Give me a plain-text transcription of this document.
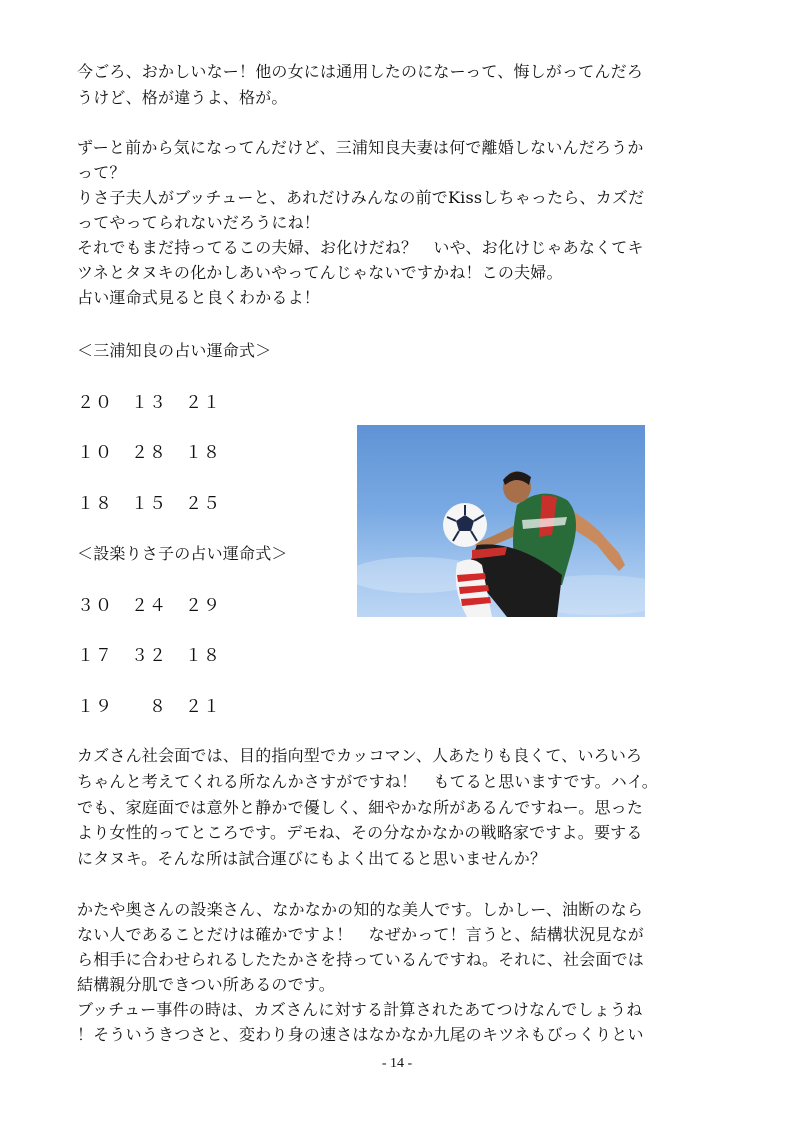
今ごろ、おかしいなー！他の女には通用したのになーって、悔しがってんだろ
うけど、格が違うよ、格が。
ずーと前から気になってんだけど、三浦知良夫妻は何で離婚しないんだろうか
って？
りさ子夫人がブッチューと、あれだけみんなの前でKissしちゃったら、カズだ
ってやってられないだろうにね！
それでもまだ持ってるこの夫婦、お化けだね？　いや、お化けじゃあなくてキ
ツネとタヌキの化かしあいやってんじゃないですかね！この夫婦。
占い運命式見ると良くわかるよ！
＜三浦知良の占い運命式＞
２０　１３　２１
１０　２８　１８
１８　１５　２５
＜設楽りさ子の占い運命式＞
３０　２４　２９
１７　３２　１８
１９　　８　２１
カズさん社会面では、目的指向型でカッコマン、人あたりも良くて、いろいろ
ちゃんと考えてくれる所なんかさすがですね！　もてると思いますです。ハイ。
でも、家庭面では意外と静かで優しく、細やかな所があるんですねー。思った
より女性的ってところです。デモね、その分なかなかの戦略家ですよ。要する
にタヌキ。そんな所は試合運びにもよく出てると思いませんか？
かたや奥さんの設楽さん、なかなかの知的な美人です。しかしー、油断のなら
ない人であることだけは確かですよ！　なぜかって！言うと、結構状況見なが
ら相手に合わせられるしたたかさを持っているんですね。それに、社会面では
結構親分肌できつい所あるのです。
ブッチュー事件の時は、カズさんに対する計算されたあてつけなんでしょうね
！そういうきつさと、変わり身の速さはなかなか九尾のキツネもびっくりとい
- 14 -
